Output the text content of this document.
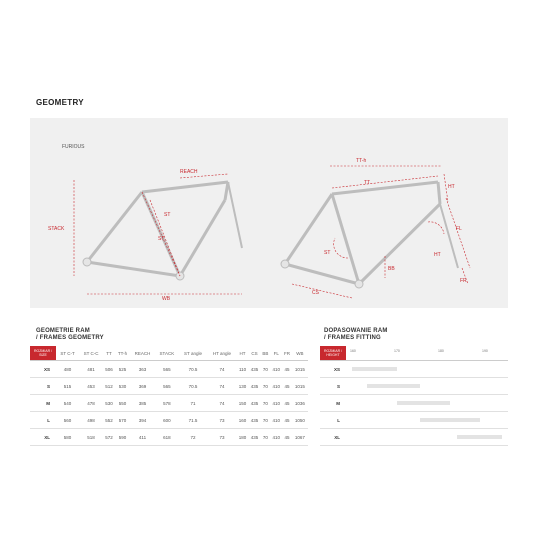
GEOMETRY
FURIOUS
REACH
STACK
ST
ST
WB
TT-h
TT
HT
FL
ST	HT
BB
CS
FR
GEOMETRIE RAM
/ FRAMES GEOMETRY
ROZMIAR / SIZE	ST C-T	ST C-C	TT	TT-h	REACH	STACK	ST angle	HT angle	HT	CS	BB	FL	FR	WB
XS	480	481	506	525	363	565	70.5	74	110	435	70	410	45	1015
S	515	453	512	530	369	565	70.5	74	130	435	70	410	45	1015
M	540	478	530	550	385	578	71	74	150	435	70	410	45	1036
L	560	498	552	570	394	600	71.5	73	160	435	70	410	45	1050
XL	580	518	572	590	411	618	72	73	180	435	70	410	45	1067
DOPASOWANIE RAM
/ FRAMES FITTING
ROZMIAR / HEIGHT	160 170 180 190

XS	

S	

M	

L	

XL	
